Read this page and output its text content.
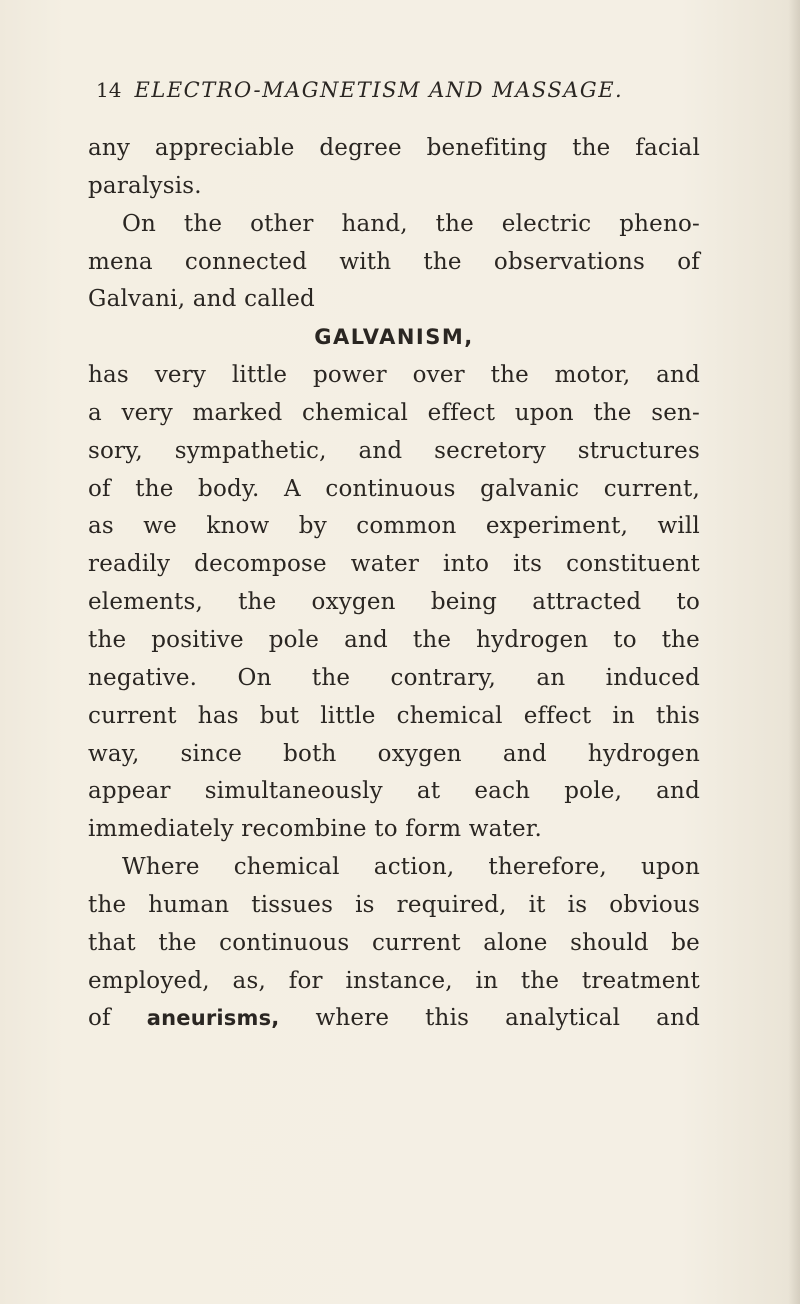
14 ELECTRO-MAGNETISM AND MASSAGE.
any appreciable degree benefiting the facial
paralysis.
On the other hand, the electric pheno-
mena connected with the observations of
Galvani, and called
GALVANISM,
has very little power over the motor, and
a very marked chemical effect upon the sen-
sory, sympathetic, and secretory structures
of the body. A continuous galvanic current,
as we know by common experiment, will
readily decompose water into its constituent
elements, the oxygen being attracted to
the positive pole and the hydrogen to the
negative. On the contrary, an induced
current has but little chemical effect in this
way, since both oxygen and hydrogen
appear simultaneously at each pole, and
immediately recombine to form water.
Where chemical action, therefore, upon
the human tissues is required, it is obvious
that the continuous current alone should be
employed, as, for instance, in the treatment
of aneurisms, where this analytical and
